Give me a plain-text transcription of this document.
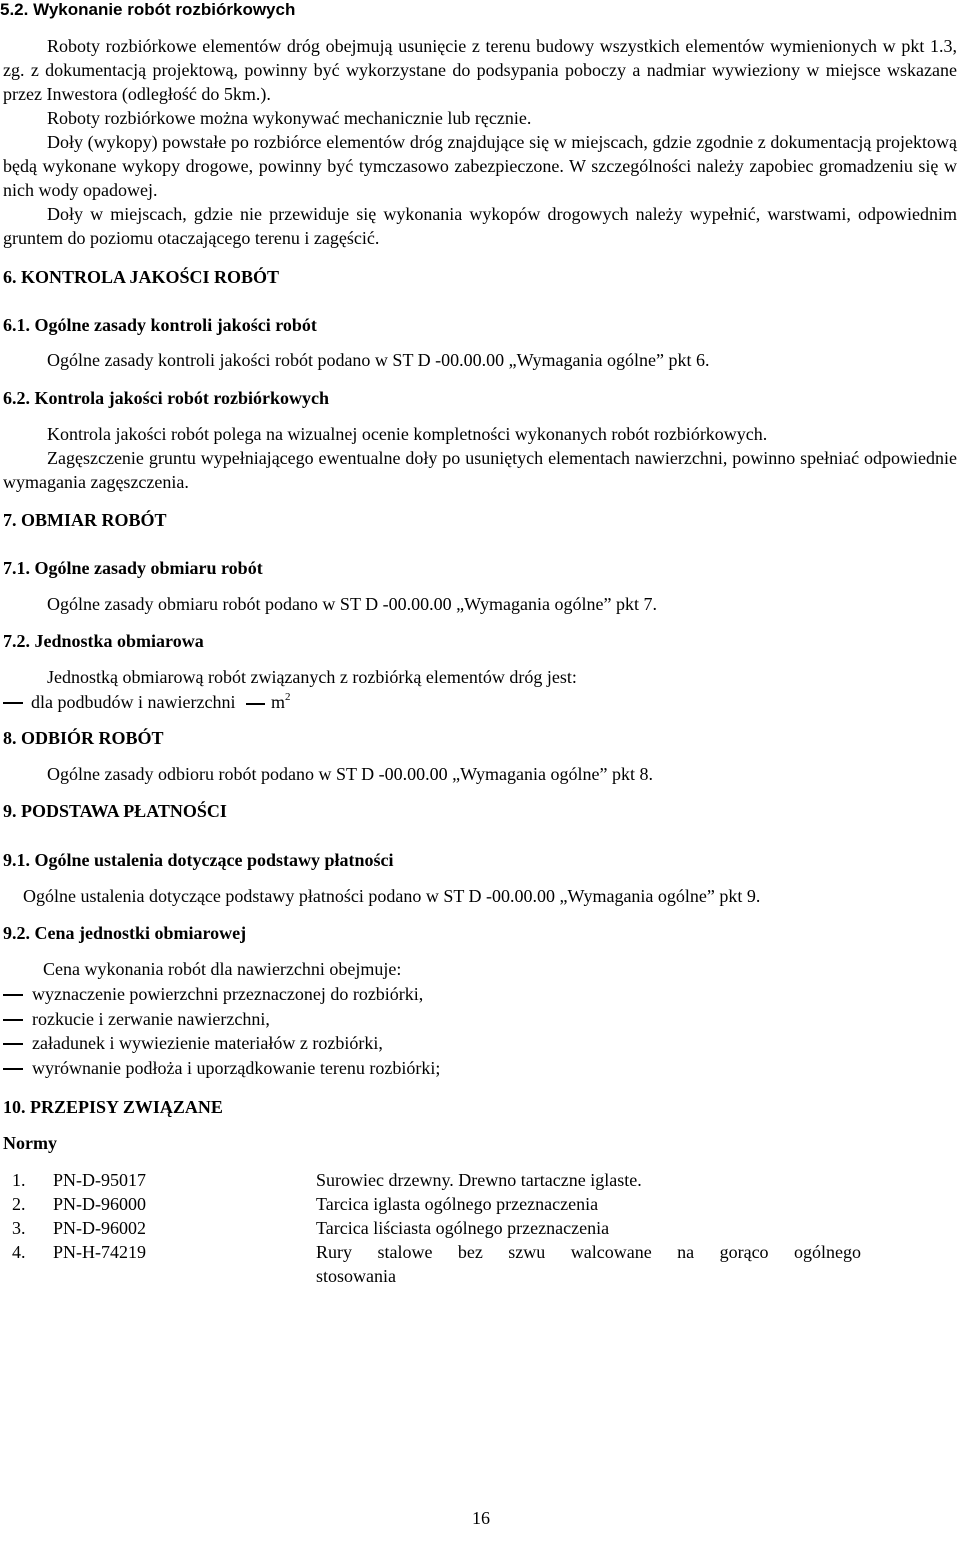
5.2. Wykonanie robót rozbiórkowych

Roboty rozbiórkowe elementów dróg obejmują usunięcie z terenu budowy wszystkich elementów wymienionych w pkt 1.3, zg. z dokumentacją projektową, powinny być wykorzystane do podsypania poboczy a nadmiar wywieziony w miejsce wskazane przez Inwestora (odległość do 5km.).

Roboty rozbiórkowe można wykonywać mechanicznie lub ręcznie.

Doły (wykopy) powstałe po rozbiórce elementów dróg znajdujące się w miejscach, gdzie zgodnie z dokumentacją projektową będą wykonane wykopy drogowe, powinny być tymczasowo zabezpieczone. W szczególności należy zapobiec gromadzeniu się w nich wody opadowej.

Doły w miejscach, gdzie nie przewiduje się wykonania wykopów drogowych należy wypełnić, warstwami, odpowiednim gruntem do poziomu otaczającego terenu i zagęścić.

6. KONTROLA JAKOŚCI ROBÓT
6.1. Ogólne zasady kontroli jakości robót
Ogólne zasady kontroli jakości robót podano w ST D -00.00.00 „Wymagania ogólne” pkt 6.
6.2. Kontrola jakości robót rozbiórkowych

Kontrola jakości robót polega na wizualnej ocenie kompletności wykonanych robót rozbiórkowych.

Zagęszczenie gruntu wypełniającego ewentualne doły po usuniętych elementach nawierzchni, powinno spełniać odpowiednie wymagania zagęszczenia.

7. OBMIAR ROBÓT
7.1. Ogólne zasady obmiaru robót
Ogólne zasady obmiaru robót podano w ST D -00.00.00 „Wymagania ogólne” pkt 7.
7.2. Jednostka obmiarowa
Jednostką obmiarową robót związanych z rozbiórką elementów dróg jest:
dla podbudów i nawierzchni $m^2$
8. ODBIÓR ROBÓT
Ogólne zasady odbioru robót podano w ST D -00.00.00 „Wymagania ogólne” pkt 8.
9. PODSTAWA PŁATNOŚCI
9.1. Ogólne ustalenia dotyczące podstawy płatności
Ogólne ustalenia dotyczące podstawy płatności podano w ST D -00.00.00 „Wymagania ogólne” pkt 9.
9.2. Cena jednostki obmiarowej
Cena wykonania robót dla nawierzchni obejmuje:
wyznaczenie powierzchni przeznaczonej do rozbiórki,
rozkucie i zerwanie nawierzchni,
załadunek i wywiezienie materiałów z rozbiórki,
wyrównanie podłoża i uporządkowanie terenu rozbiórki;
10. PRZEPISY ZWIĄZANE
Normy
1. PN-D-95017	Surowiec drzewny. Drewno tartaczne iglaste.
2. PN-D-96000	Tarcica iglasta ogólnego przeznaczenia
3. PN-D-96002	Tarcica liściasta ogólnego przeznaczenia
4. PN-H-74219	Rury stalowe bez szwu walcowane na gorąco ogólnego
stosowania
16
